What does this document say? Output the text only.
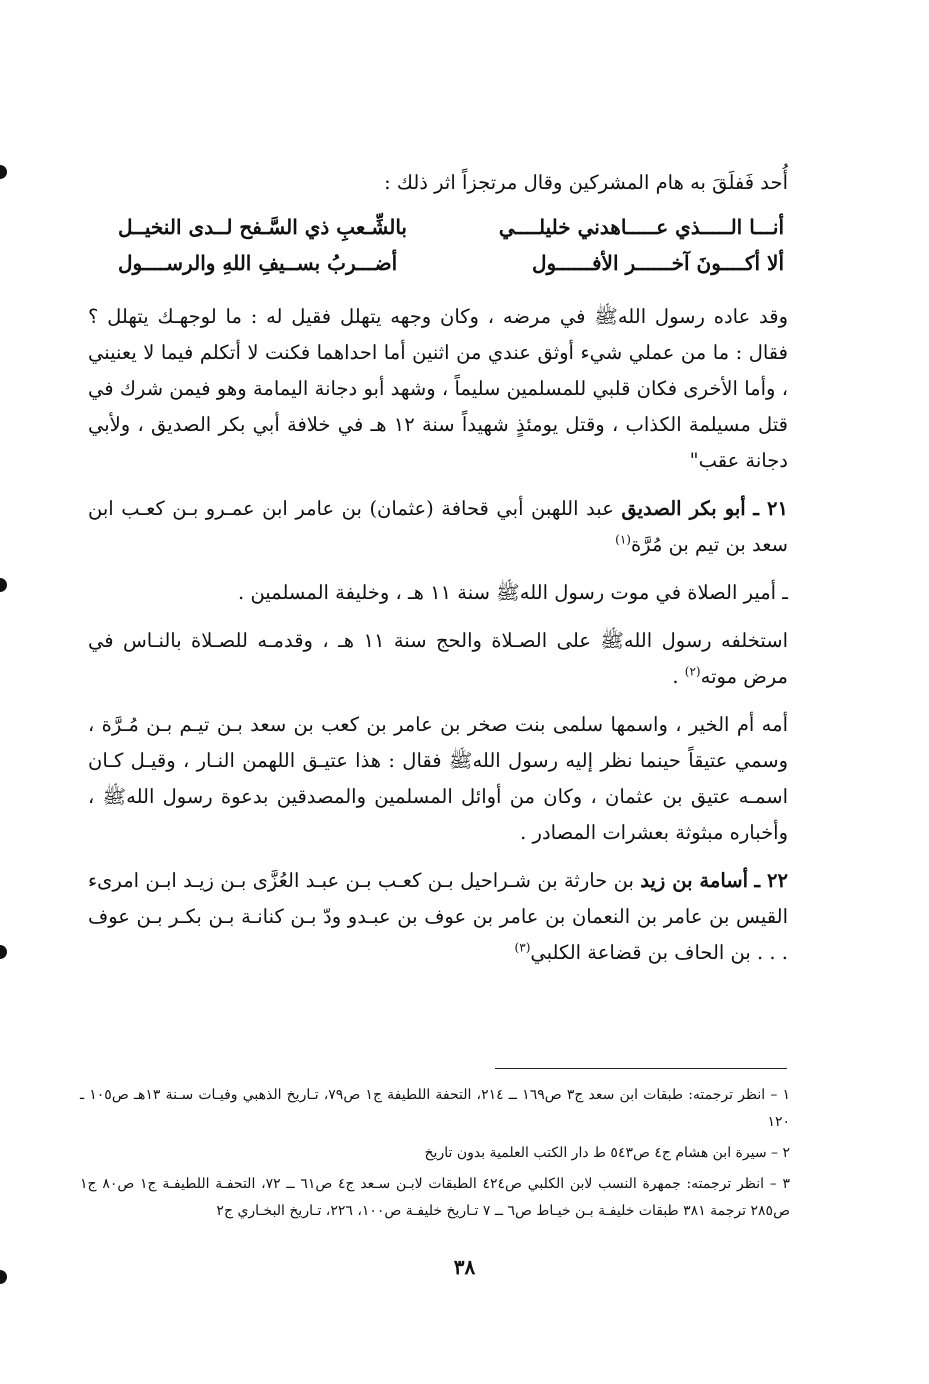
أُحد فَفلَقَ به هام المشركين وقال مرتجزاً اثر ذلك :

أنـــا الـــــذي عـــــاهدني خليلــــي
بالشِّـعبِ ذي السَّـفح لــدى النخيــل
ألا أكــــونَ آخــــــر الأفــــــول
أضـــربُ بســيفِ اللهِ والرســــول

وقد عاده رسول اللهﷺ في مرضه ، وكان وجهه يتهلل فقيل له : ما لوجهـك يتهلل ؟ فقال : ما من عملي شيء أوثق عندي من اثنين أما احداهما فكنت لا أتكلم فيما لا يعنيني ، وأما الأخرى فكان قلبي للمسلمين سليماً ، وشهد أبو دجانة اليمامة وهو فيمن شرك في قتل مسيلمة الكذاب ، وقتل يومئذٍ شهيداً سنة ١٢ هـ في خلافة أبي بكر الصديق ، ولأبي دجانة عقب"

٢١ ـ أبو بكر الصديق عبد اللهبن أبي قحافة (عثمان) بن عامر ابن عمـرو بـن كعـب ابن سعد بن تيم بن مُرَّة$^{(١)}$

ـ أمير الصلاة في موت رسول اللهﷺ سنة ١١ هـ ، وخليفة المسلمين .

استخلفه رسول اللهﷺ على الصـلاة والحج سنة ١١ هـ ، وقدمـه للصـلاة بالنـاس في مرض موته$^{(٢)}$ .

أمه أم الخير ، واسمها سلمى بنت صخر بن عامر بن كعب بن سعد بـن تيـم بـن مُـرَّة ، وسمي عتيقاً حينما نظر إليه رسول اللهﷺ فقال : هذا عتيـق اللهمن النـار ، وقيـل كـان اسمـه عتيق بن عثمان ، وكان من أوائل المسلمين والمصدقين بدعوة رسول اللهﷺ ، وأخباره مبثوثة بعشرات المصادر .

٢٢ ـ أسامة بن زيد بن حارثة بن شـراحيل بـن كعـب بـن عبـد العُزَّى بـن زيـد ابـن امرىء القيس بن عامر بن النعمان بن عامر بن عوف بن عبـدو ودّ بـن كنانـة بـن بكـر بـن عوف . . . بن الحاف بن قضاعة الكلبي$^{(٣)}$

١ – انظر ترجمته: طبقات ابن سعد ج٣ ص١٦٩ ــ ٢١٤، التحفة اللطيفة ج١ ص٧٩، تـاريخ الذهبي وفيـات سـنة ١٣هـ ص١٠٥ ـ ١٢٠

٢ – سيرة ابن هشام ج٤ ص٥٤٣ ط دار الكتب العلمية بدون تاريخ

٣ – انظر ترجمته: جمهرة النسب لابن الكلبي ص٤٢٤ الطبقات لابـن سـعد ج٤ ص٦١ ــ ٧٢، التحفـة اللطيفـة ج١ ص٨٠ ج١ ص٢٨٥ ترجمة ٣٨١ طبقات خليفـة بـن خيـاط ص٦ ــ ٧ تـاريخ خليفـة ص١٠٠، ٢٢٦، تـاريخ البخـاري ج٢

٣٨
